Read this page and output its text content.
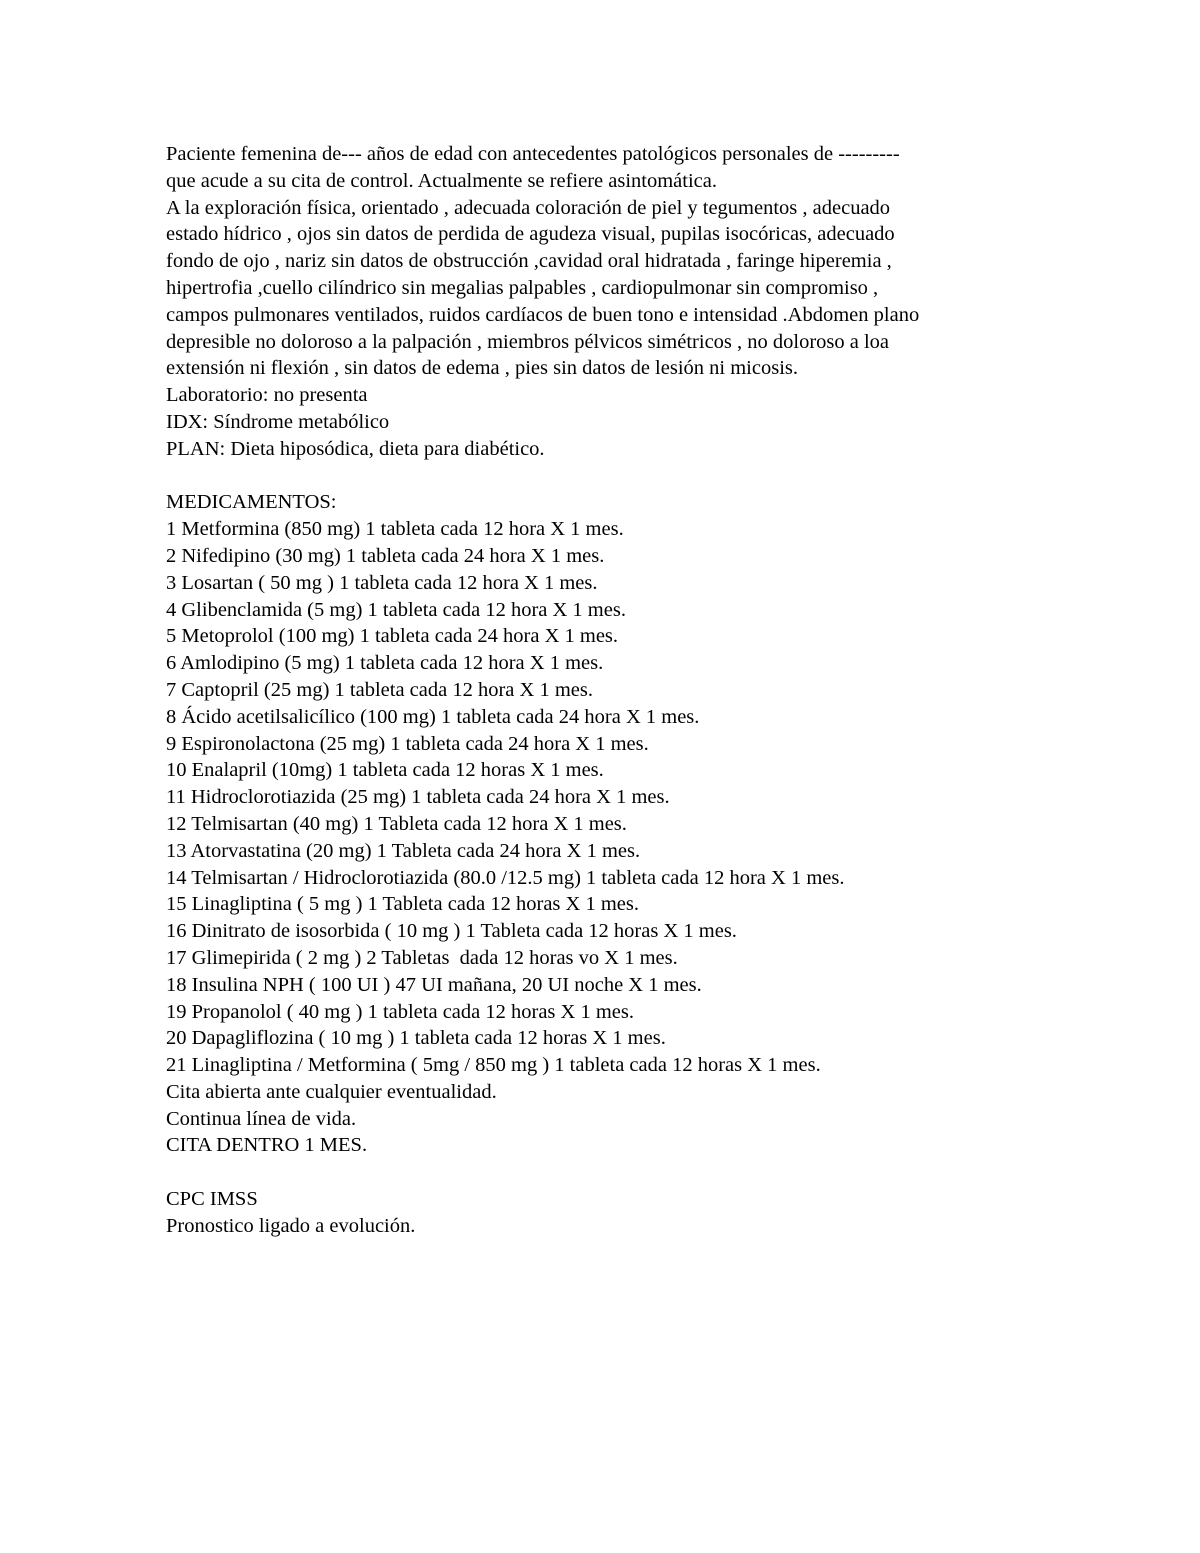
Paciente femenina de--- años de edad con antecedentes patológicos personales de ---------
que acude a su cita de control. Actualmente se refiere asintomática.
A la exploración física, orientado , adecuada coloración de piel y tegumentos , adecuado
estado hídrico , ojos sin datos de perdida de agudeza visual, pupilas isocóricas, adecuado
fondo de ojo , nariz sin datos de obstrucción ,cavidad oral hidratada , faringe hiperemia ,
hipertrofia ,cuello cilíndrico sin megalias palpables , cardiopulmonar sin compromiso ,
campos pulmonares ventilados, ruidos cardíacos de buen tono e intensidad .Abdomen plano
depresible no doloroso a la palpación , miembros pélvicos simétricos , no doloroso a loa
extensión ni flexión , sin datos de edema , pies sin datos de lesión ni micosis.
Laboratorio: no presenta
IDX: Síndrome metabólico
PLAN: Dieta hiposódica, dieta para diabético.
MEDICAMENTOS:
1 Metformina (850 mg) 1 tableta cada 12 hora X 1 mes.
2 Nifedipino (30 mg) 1 tableta cada 24 hora X 1 mes.
3 Losartan ( 50 mg ) 1 tableta cada 12 hora X 1 mes.
4 Glibenclamida (5 mg) 1 tableta cada 12 hora X 1 mes.
5 Metoprolol (100 mg) 1 tableta cada 24 hora X 1 mes.
6 Amlodipino (5 mg) 1 tableta cada 12 hora X 1 mes.
7 Captopril (25 mg) 1 tableta cada 12 hora X 1 mes.
8 Ácido acetilsalicílico (100 mg) 1 tableta cada 24 hora X 1 mes.
9 Espironolactona (25 mg) 1 tableta cada 24 hora X 1 mes.
10 Enalapril (10mg) 1 tableta cada 12 horas X 1 mes.
11 Hidroclorotiazida (25 mg) 1 tableta cada 24 hora X 1 mes.
12 Telmisartan (40 mg) 1 Tableta cada 12 hora X 1 mes.
13 Atorvastatina (20 mg) 1 Tableta cada 24 hora X 1 mes.
14 Telmisartan / Hidroclorotiazida (80.0 /12.5 mg) 1 tableta cada 12 hora X 1 mes.
15 Linagliptina ( 5 mg ) 1 Tableta cada 12 horas X 1 mes.
16 Dinitrato de isosorbida ( 10 mg ) 1 Tableta cada 12 horas X 1 mes.
17 Glimepirida ( 2 mg ) 2 Tabletas  dada 12 horas vo X 1 mes.
18 Insulina NPH ( 100 UI ) 47 UI mañana, 20 UI noche X 1 mes.
19 Propanolol ( 40 mg ) 1 tableta cada 12 horas X 1 mes.
20 Dapagliflozina ( 10 mg ) 1 tableta cada 12 horas X 1 mes.
21 Linagliptina / Metformina ( 5mg / 850 mg ) 1 tableta cada 12 horas X 1 mes.
Cita abierta ante cualquier eventualidad.
Continua línea de vida.
CITA DENTRO 1 MES.
CPC IMSS
Pronostico ligado a evolución.
